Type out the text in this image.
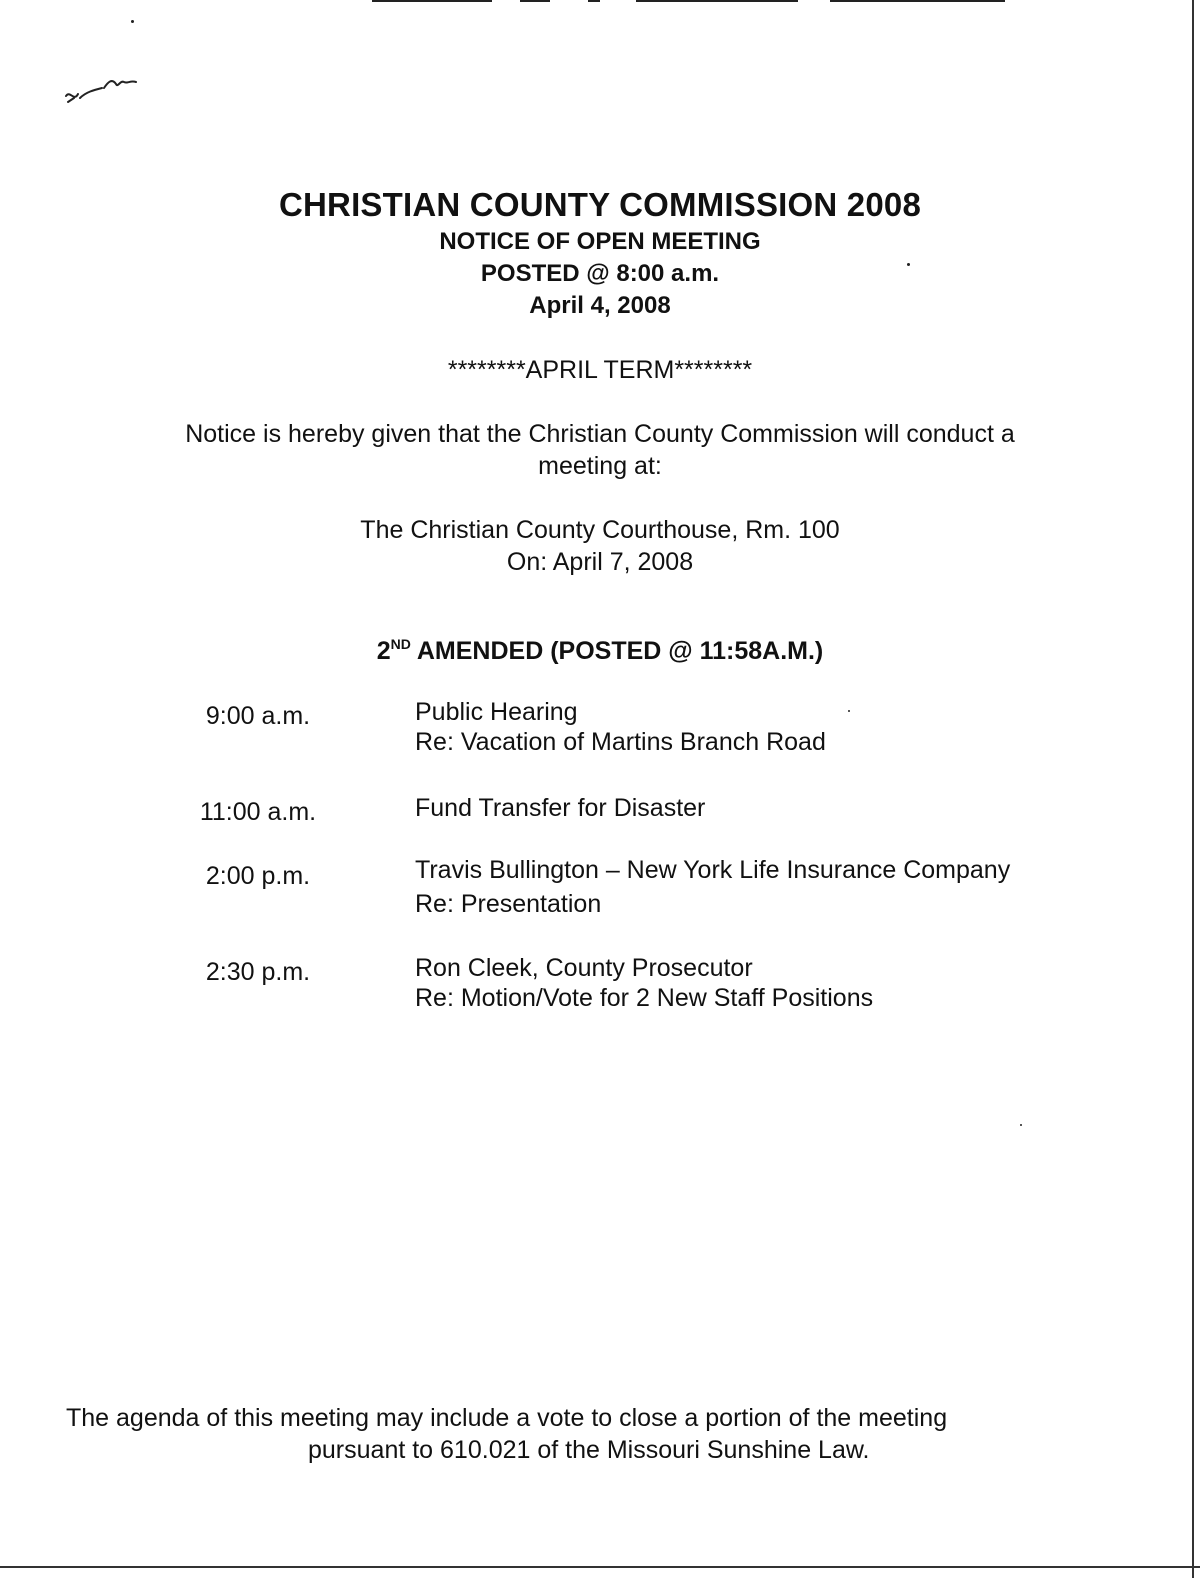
CHRISTIAN COUNTY COMMISSION 2008
NOTICE OF OPEN MEETING
POSTED @ 8:00 a.m.
April 4, 2008
********APRIL TERM********
Notice is hereby given that the Christian County Commission will conduct a
meeting at:
The Christian County Courthouse, Rm. 100
On: April 7, 2008
2ND AMENDED (POSTED @ 11:58A.M.)
9:00 a.m.	Public Hearing
Re: Vacation of Martins Branch Road
11:00 a.m.	Fund Transfer for Disaster
2:00 p.m.	Travis Bullington – New York Life Insurance Company
Re: Presentation
2:30 p.m.	Ron Cleek, County Prosecutor
Re: Motion/Vote for 2 New Staff Positions
The agenda of this meeting may include a vote to close a portion of the meeting
pursuant to 610.021 of the Missouri Sunshine Law.
